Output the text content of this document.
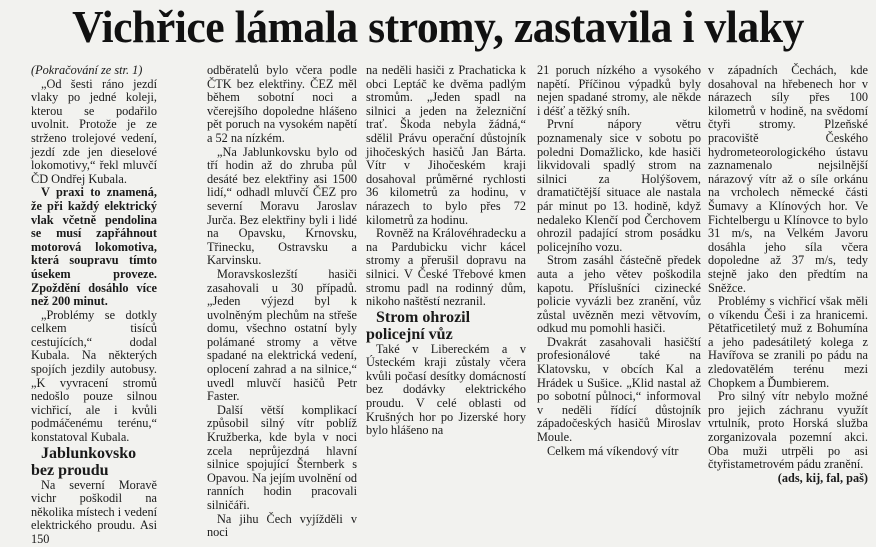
Vichřice lámala stromy, zastavila i vlaky

(Pokračování ze str. 1)

„Od šesti ráno jezdí vlaky po jedné koleji, kterou se podařilo uvolnit. Protože je ze strženo trolejové vedení, jezdí zde jen dieselové lokomotivy,“ řekl mluvčí ČD Ondřej Kubala.

V praxi to znamená, že při každý elektrický vlak včetně pendolina se musí zapřáhnout motorová lokomotiva, která soupravu tímto úsekem proveze. Zpoždění dosáhlo více než 200 minut.

„Problémy se dotkly celkem tisíců cestujících,“ dodal Kubala. Na některých spojích jezdily autobusy. „K vyvracení stromů nedošlo pouze silnou vichřicí, ale i kvůli podmáčenému terénu,“ konstatoval Kubala.

Jablunkovsko bez proudu

Na severní Moravě vichr poškodil na několika místech i vedení elektrického proudu. Asi 150

odběratelů bylo včera podle ČTK bez elektřiny. ČEZ měl během sobotní noci a včerejšího dopoledne hlášeno pět poruch na vysokém napětí a 52 na nízkém.

„Na Jablunkovsku bylo od tří hodin až do zhruba půl desáté bez elektřiny asi 1500 lidí,“ odhadl mluvčí ČEZ pro severní Moravu Jaroslav Jurča. Bez elektřiny byli i lidé na Opavsku, Krnovsku, Třinecku, Ostravsku a Karvinsku.

Moravskoslezští hasiči zasahovali u 30 případů. „Jeden výjezd byl k uvolněným plechům na střeše domu, všechno ostatní byly polámané stromy a větve spadané na elektrická vedení, oplocení zahrad a na silnice,“ uvedl mluvčí hasičů Petr Faster.

Další větší komplikací způsobil silný vítr poblíž Kružberka, kde byla v noci zcela neprůjezdná hlavní silnice spojující Šternberk s Opavou. Na jejím uvolnění od ranních hodin pracovali silničáři.

Na jihu Čech vyjížděli v noci

na neděli hasiči z Prachaticka k obci Leptáč ke dvěma padlým stromům. „Jeden spadl na silnici a jeden na železniční trať. Škoda nebyla žádná,“ sdělil Právu operační důstojník jihočeských hasičů Jan Bárta. Vítr v Jihočeském kraji dosahoval průměrné rychlosti 36 kilometrů za hodinu, v nárazech to bylo přes 72 kilometrů za hodinu.

Rovněž na Královéhradecku a na Pardubicku vichr kácel stromy a přerušil dopravu na silnici. V České Třebové kmen stromu padl na rodinný dům, nikoho naštěstí nezranil.

Strom ohrozil policejní vůz

Také v Libereckém a v Ústeckém kraji zůstaly včera kvůli počasí desítky domácností bez dodávky elektrického proudu. V celé oblasti od Krušných hor po Jizerské hory bylo hlášeno na

21 poruch nízkého a vysokého napětí. Příčinou výpadků byly nejen spadané stromy, ale někde i déšť a těžký sníh.

První nápory větru poznamenaly sice v sobotu po poledni Domažlicko, kde hasiči likvidovali spadlý strom na silnici za Holýšovem, dramatičtější situace ale nastala pár minut po 13. hodině, když nedaleko Klenčí pod Čerchovem ohrozil padající strom posádku policejního vozu.

Strom zasáhl částečně předek auta a jeho větev poškodila kapotu. Příslušníci cizinecké policie vyvázli bez zranění, vůz zůstal uvězněn mezi větvovím, odkud mu pomohli hasiči.

Dvakrát zasahovali hasičští profesionálové také na Klatovsku, v obcích Kal a Hrádek u Sušice. „Klid nastal až po sobotní půlnoci,“ informoval v neděli řídící důstojník západočeských hasičů Miroslav Moule.

Celkem má víkendový vítr

v západních Čechách, kde dosahoval na hřebenech hor v nárazech síly přes 100 kilometrů v hodině, na svědomí čtyři stromy. Plzeňské pracoviště Českého hydrometeorologického ústavu zaznamenalo nejsilnější nárazový vítr až o síle orkánu na vrcholech německé části Šumavy a Klínových hor. Ve Fichtelbergu u Klínovce to bylo 31 m/s, na Velkém Javoru dosáhla jeho síla včera dopoledne až 37 m/s, tedy stejně jako den předtím na Sněžce.

Problémy s vichřicí však měli o víkendu Češi i za hranicemi. Pětatřicetiletý muž z Bohumína a jeho padesátiletý kolega z Havířova se zranili po pádu na zledovatělém terénu mezi Chopkem a Ďumbierem.

Pro silný vítr nebylo možné pro jejich záchranu využít vrtulník, proto Horská služba zorganizovala pozemní akci. Oba muži utrpěli po asi čtyřistametrovém pádu zranění.

(ads, kij, fal, paš)
